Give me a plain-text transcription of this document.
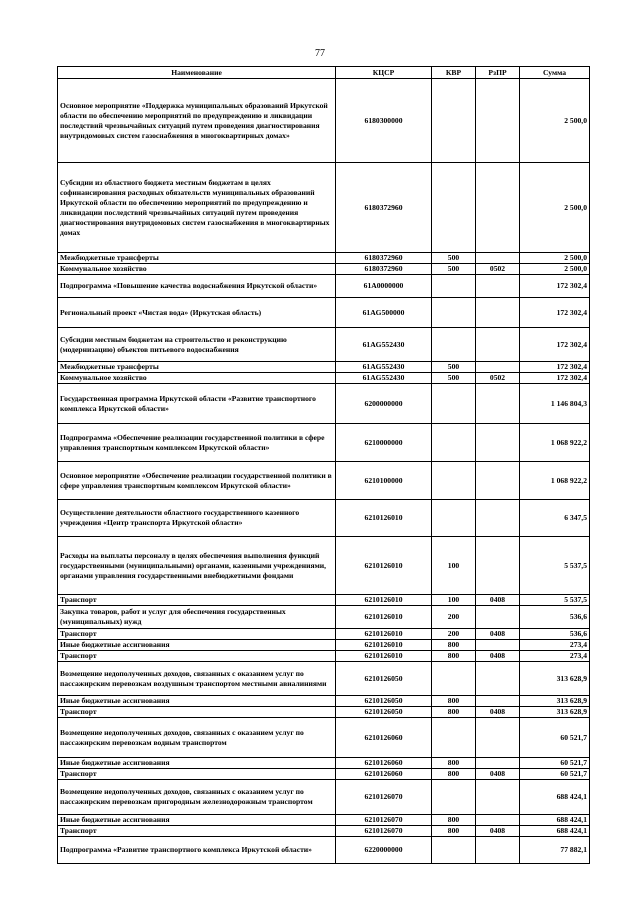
77
Наименование	КЦСР	КВР	РзПР	Сумма
Основное мероприятие «Поддержка муниципальных образований Иркутской области по обеспечению мероприятий по предупреждению и ликвидации последствий чрезвычайных ситуаций путем проведения диагностирования внутридомовых систем газоснабжения в многоквартирных домах»	6180300000			2 500,0
Субсидии из областного бюджета местным бюджетам в целях софинансирования расходных обязательств муниципальных образований Иркутской области по обеспечению мероприятий по предупреждению и ликвидации последствий чрезвычайных ситуаций путем проведения диагностирования внутридомовых систем газоснабжения в многоквартирных домах	6180372960			2 500,0
Межбюджетные трансферты	6180372960	500		2 500,0
Коммунальное хозяйство	6180372960	500	0502	2 500,0
Подпрограмма «Повышение качества водоснабжения Иркутской области»	61А0000000			172 302,4
Региональный проект «Чистая вода» (Иркутская область)	61АG500000			172 302,4
Субсидии местным бюджетам на строительство и реконструкцию (модернизацию) объектов питьевого водоснабжения	61АG552430			172 302,4
Межбюджетные трансферты	61АG552430	500		172 302,4
Коммунальное хозяйство	61АG552430	500	0502	172 302,4
Государственная программа Иркутской области «Развитие транспортного комплекса Иркутской области»	6200000000			1 146 804,3
Подпрограмма «Обеспечение реализации государственной политики в сфере управления транспортным комплексом Иркутской области»	6210000000			1 068 922,2
Основное мероприятие «Обеспечение реализации государственной политики в сфере управления транспортным комплексом Иркутской области»	6210100000			1 068 922,2
Осуществление деятельности областного государственного казенного учреждения «Центр транспорта Иркутской области»	6210126010			6 347,5
Расходы на выплаты персоналу в целях обеспечения выполнения функций государственными (муниципальными) органами, казенными учреждениями, органами управления государственными внебюджетными фондами	6210126010	100		5 537,5
Транспорт	6210126010	100	0408	5 537,5
Закупка товаров, работ и услуг для обеспечения государственных (муниципальных) нужд	6210126010	200		536,6
Транспорт	6210126010	200	0408	536,6
Иные бюджетные ассигнования	6210126010	800		273,4
Транспорт	6210126010	800	0408	273,4
Возмещение недополученных доходов, связанных с оказанием услуг по пассажирским перевозкам воздушным транспортом местными авиалиниями	6210126050			313 628,9
Иные бюджетные ассигнования	6210126050	800		313 628,9
Транспорт	6210126050	800	0408	313 628,9
Возмещение недополученных доходов, связанных с оказанием услуг по пассажирским перевозкам водным транспортом	6210126060			60 521,7
Иные бюджетные ассигнования	6210126060	800		60 521,7
Транспорт	6210126060	800	0408	60 521,7
Возмещение недополученных доходов, связанных с оказанием услуг по пассажирским перевозкам пригородным железнодорожным транспортом	6210126070			688 424,1
Иные бюджетные ассигнования	6210126070	800		688 424,1
Транспорт	6210126070	800	0408	688 424,1
Подпрограмма «Развитие транспортного комплекса Иркутской области»	6220000000			77 882,1
